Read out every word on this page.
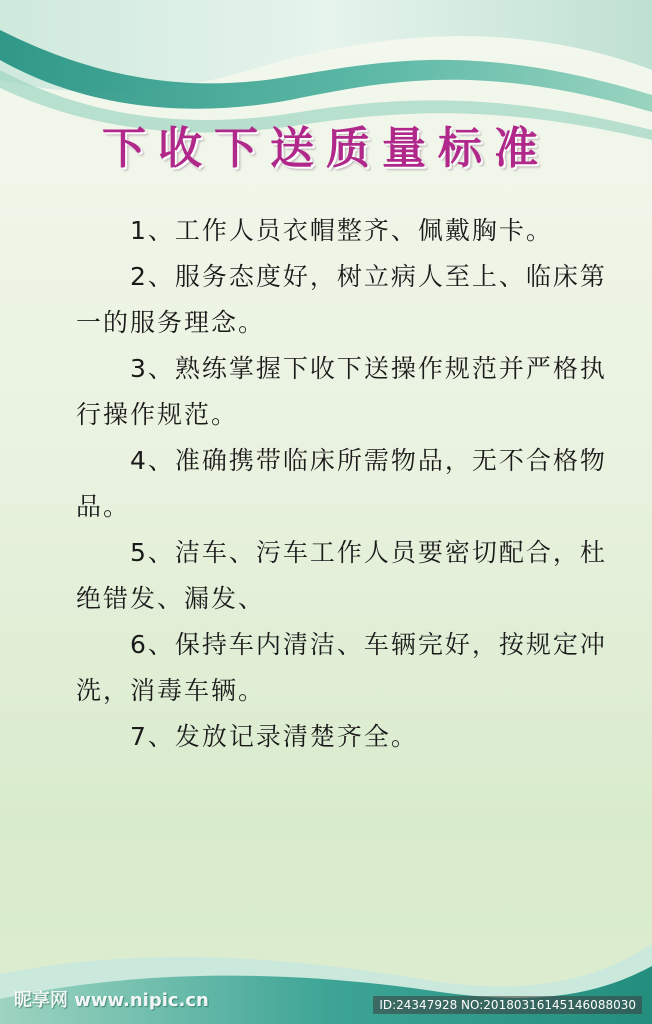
下收下送质量标准

1、工作人员衣帽整齐、佩戴胸卡。

2、服务态度好，树立病人至上、临床第一的服务理念。

3、熟练掌握下收下送操作规范并严格执行操作规范。

4、准确携带临床所需物品，无不合格物品。

5、洁车、污车工作人员要密切配合，杜绝错发、漏发、

6、保持车内清洁、车辆完好，按规定冲洗，消毒车辆。

7、发放记录清楚齐全。

昵享网 www.nipic.cn	ID:24347928 NO:20180316145146088030
